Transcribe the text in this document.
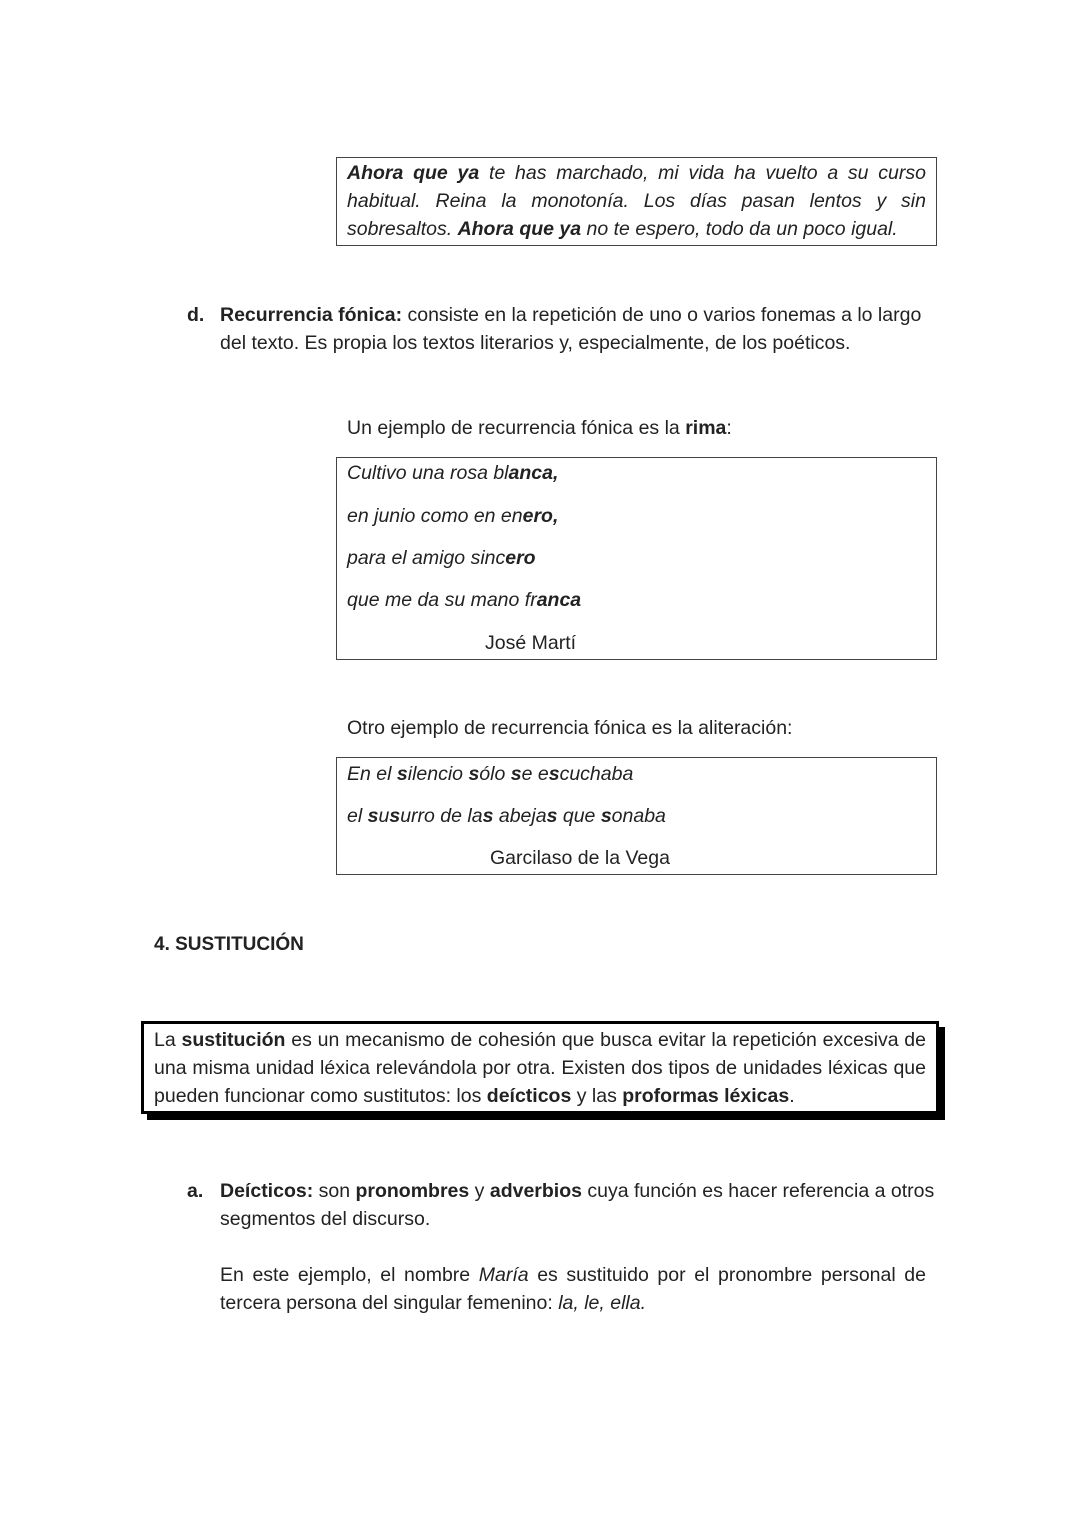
Ahora que ya te has marchado, mi vida ha vuelto a su curso
habitual. Reina la monotonía. Los días pasan lentos y sin
sobresaltos. Ahora que ya no te espero, todo da un poco igual.
d. Recurrencia fónica: consiste en la repetición de uno o varios fonemas a lo largo
del texto. Es propia los textos literarios y, especialmente, de los poéticos.
Un ejemplo de recurrencia fónica es la rima:
Cultivo una rosa blanca,
en junio como en enero,
para el amigo sincero
que me da su mano franca
José Martí
Otro ejemplo de recurrencia fónica es la aliteración:
En el silencio sólo se escuchaba
el susurro de las abejas que sonaba
Garcilaso de la Vega
4. SUSTITUCIÓN
La sustitución es un mecanismo de cohesión que busca evitar la repetición excesiva de
una misma unidad léxica relevándola por otra. Existen dos tipos de unidades léxicas que
pueden funcionar como sustitutos: los deícticos y las proformas léxicas.
a. Deícticos: son pronombres y adverbios cuya función es hacer referencia a otros
segmentos del discurso.
En este ejemplo, el nombre María es sustituido por el pronombre personal de
tercera persona del singular femenino: la, le, ella.
